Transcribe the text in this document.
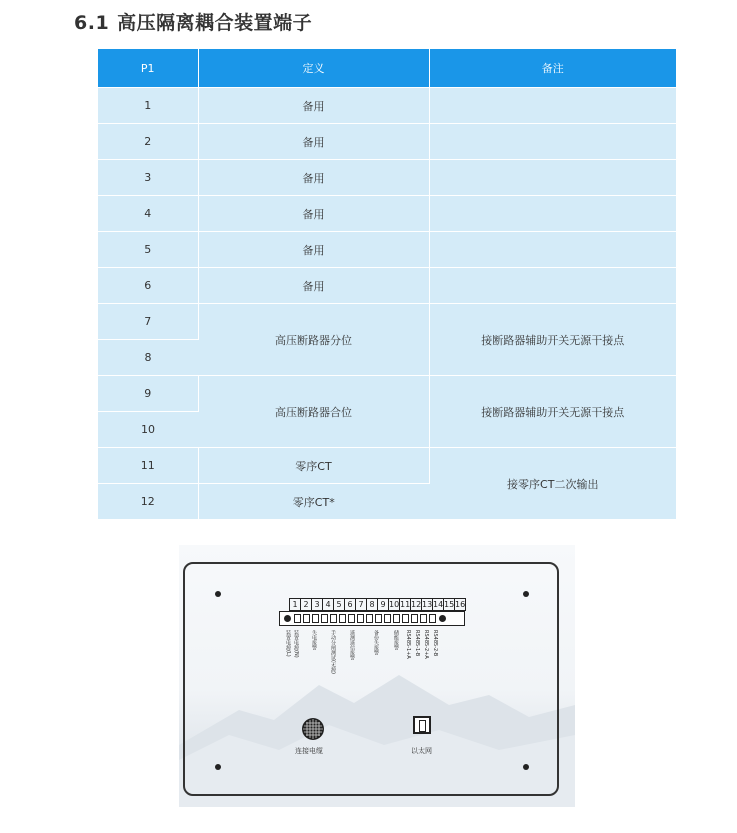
6.1 高压隔离耦合装置端子
P1	定义	备注
1	备用	
2	备用	
3	备用	
4	备用	
5	备用	
6	备用	
7	高压断路器分位	接断路器辅助开关无源干接点
8		
9	高压断路器合位	接断路器辅助开关无源干接点
10		
11	零序CT	接零序CT二次输出
12	零序CT*	
1 2 3 4 5 6 7 8 9 10 11 12 13 14 15 16
装置电源(L) 装置电源(N) 失电报警	手动分闸测试(无源)	遥测遥信报警	备份失报警	储能报警 RS485-1+A RS485-1-B RS485-2+A RS485-2-B
连接电缆	以太网
